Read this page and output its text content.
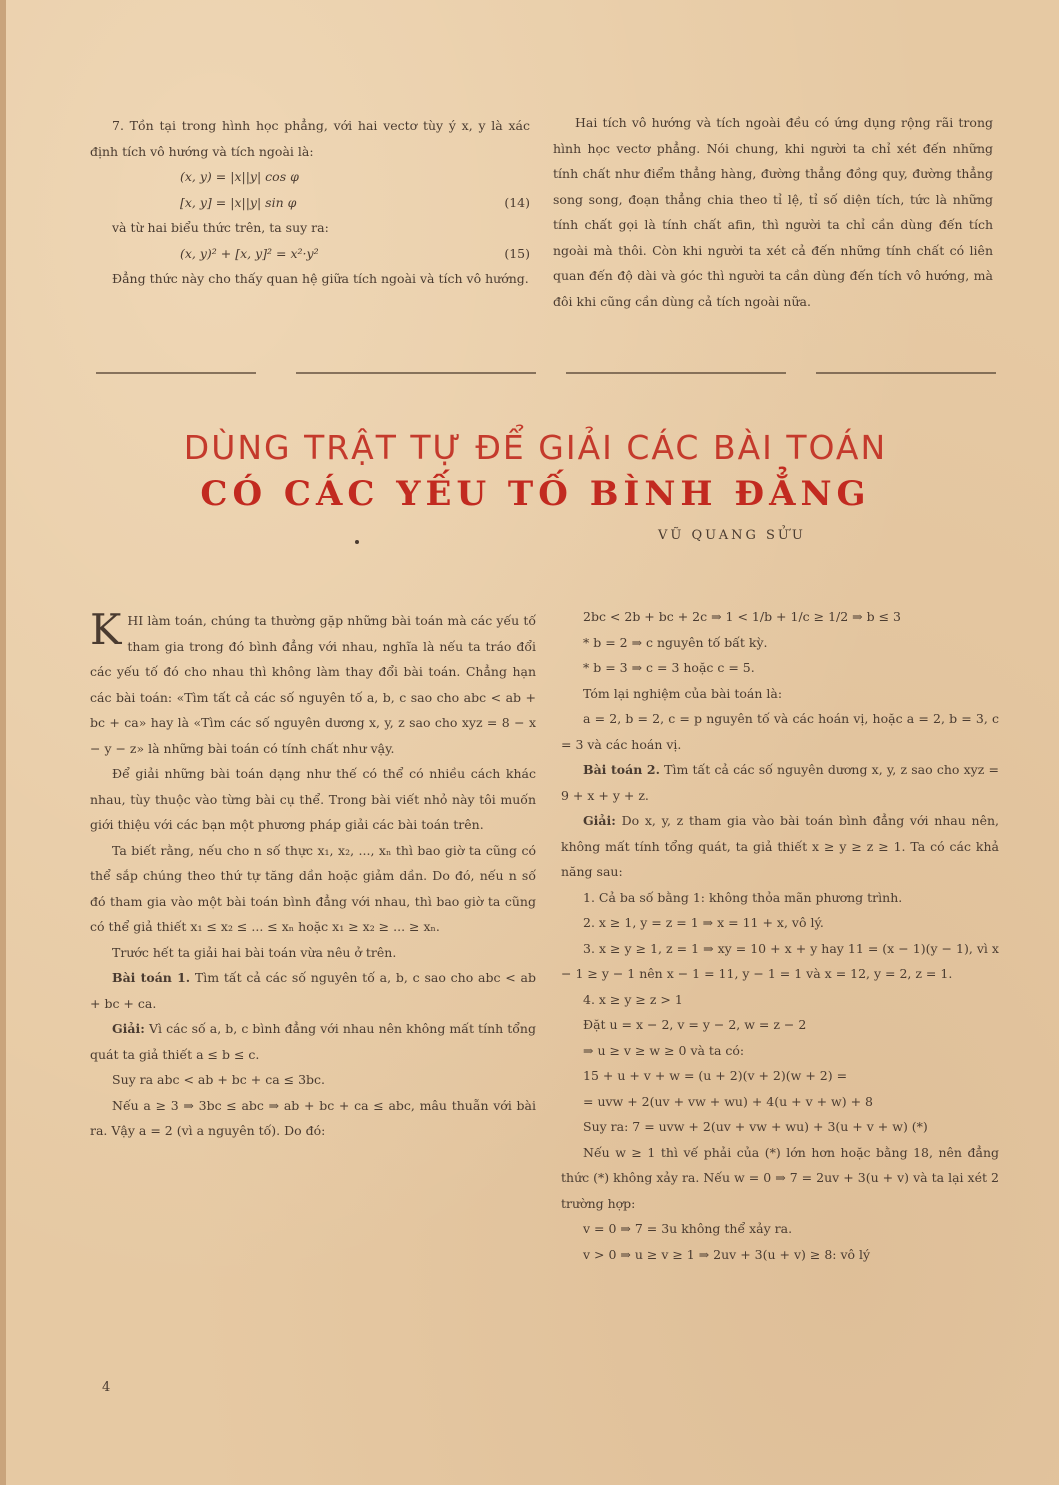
7. Tồn tại trong hình học phẳng, với hai vectơ tùy ý x, y là xác định tích vô hướng và tích ngoài là:

(x, y) = |x||y| cos φ

[x, y] = |x||y| sin φ	(14)

và từ hai biểu thức trên, ta suy ra:

(x, y)² + [x, y]² = x²·y²	(15)

Đẳng thức này cho thấy quan hệ giữa tích ngoài và tích vô hướng.

Hai tích vô hướng và tích ngoài đều có ứng dụng rộng rãi trong hình học vectơ phẳng. Nói chung, khi người ta chỉ xét đến những tính chất như điểm thẳng hàng, đường thẳng đồng quy, đường thẳng song song, đoạn thẳng chia theo tỉ lệ, tỉ số diện tích, tức là những tính chất gọi là tính chất afin, thì người ta chỉ cần dùng đến tích ngoài mà thôi. Còn khi người ta xét cả đến những tính chất có liên quan đến độ dài và góc thì người ta cần dùng đến tích vô hướng, mà đôi khi cũng cần dùng cả tích ngoài nữa.

DÙNG TRẬT TỰ ĐỂ GIẢI CÁC BÀI TOÁN
CÓ CÁC YẾU TỐ BÌNH ĐẲNG
VŨ QUANG SỬU

KHI làm toán, chúng ta thường gặp những bài toán mà các yếu tố tham gia trong đó bình đẳng với nhau, nghĩa là nếu ta tráo đổi các yếu tố đó cho nhau thì không làm thay đổi bài toán. Chẳng hạn các bài toán: «Tìm tất cả các số nguyên tố a, b, c sao cho abc < ab + bc + ca» hay là «Tìm các số nguyên dương x, y, z sao cho xyz = 8 − x − y − z» là những bài toán có tính chất như vậy.

Để giải những bài toán dạng như thế có thể có nhiều cách khác nhau, tùy thuộc vào từng bài cụ thể. Trong bài viết nhỏ này tôi muốn giới thiệu với các bạn một phương pháp giải các bài toán trên.

Ta biết rằng, nếu cho n số thực x₁, x₂, ..., xₙ thì bao giờ ta cũng có thể sắp chúng theo thứ tự tăng dần hoặc giảm dần. Do đó, nếu n số đó tham gia vào một bài toán bình đẳng với nhau, thì bao giờ ta cũng có thể giả thiết x₁ ≤ x₂ ≤ ... ≤ xₙ hoặc x₁ ≥ x₂ ≥ ... ≥ xₙ.

Trước hết ta giải hai bài toán vừa nêu ở trên.

Bài toán 1. Tìm tất cả các số nguyên tố a, b, c sao cho abc < ab + bc + ca.

Giải: Vì các số a, b, c bình đẳng với nhau nên không mất tính tổng quát ta giả thiết a ≤ b ≤ c.

Suy ra abc < ab + bc + ca ≤ 3bc.

Nếu a ≥ 3 ⇒ 3bc ≤ abc ⇒ ab + bc + ca ≤ abc, mâu thuẫn với bài ra. Vậy a = 2 (vì a nguyên tố). Do đó:

2bc < 2b + bc + 2c ⇒ 1 < 1/b + 1/c ≥ 1/2 ⇒ b ≤ 3

* b = 2 ⇒ c nguyên tố bất kỳ.

* b = 3 ⇒ c = 3 hoặc c = 5.

Tóm lại nghiệm của bài toán là:

a = 2, b = 2, c = p nguyên tố và các hoán vị, hoặc a = 2, b = 3, c = 3 và các hoán vị.

Bài toán 2. Tìm tất cả các số nguyên dương x, y, z sao cho xyz = 9 + x + y + z.

Giải: Do x, y, z tham gia vào bài toán bình đẳng với nhau nên, không mất tính tổng quát, ta giả thiết x ≥ y ≥ z ≥ 1. Ta có các khả năng sau:

1. Cả ba số bằng 1: không thỏa mãn phương trình.

2. x ≥ 1, y = z = 1 ⇒ x = 11 + x, vô lý.

3. x ≥ y ≥ 1, z = 1 ⇒ xy = 10 + x + y hay 11 = (x − 1)(y − 1), vì x − 1 ≥ y − 1 nên x − 1 = 11, y − 1 = 1 và x = 12, y = 2, z = 1.

4. x ≥ y ≥ z > 1

Đặt u = x − 2, v = y − 2, w = z − 2

⇒ u ≥ v ≥ w ≥ 0 và ta có:

15 + u + v + w = (u + 2)(v + 2)(w + 2) =

= uvw + 2(uv + vw + wu) + 4(u + v + w) + 8

Suy ra: 7 = uvw + 2(uv + vw + wu) + 3(u + v + w) (*)

Nếu w ≥ 1 thì vế phải của (*) lớn hơn hoặc bằng 18, nên đẳng thức (*) không xảy ra. Nếu w = 0 ⇒ 7 = 2uv + 3(u + v) và ta lại xét 2 trường hợp:

v = 0 ⇒ 7 = 3u không thể xảy ra.

v > 0 ⇒ u ≥ v ≥ 1 ⇒ 2uv + 3(u + v) ≥ 8: vô lý

4
